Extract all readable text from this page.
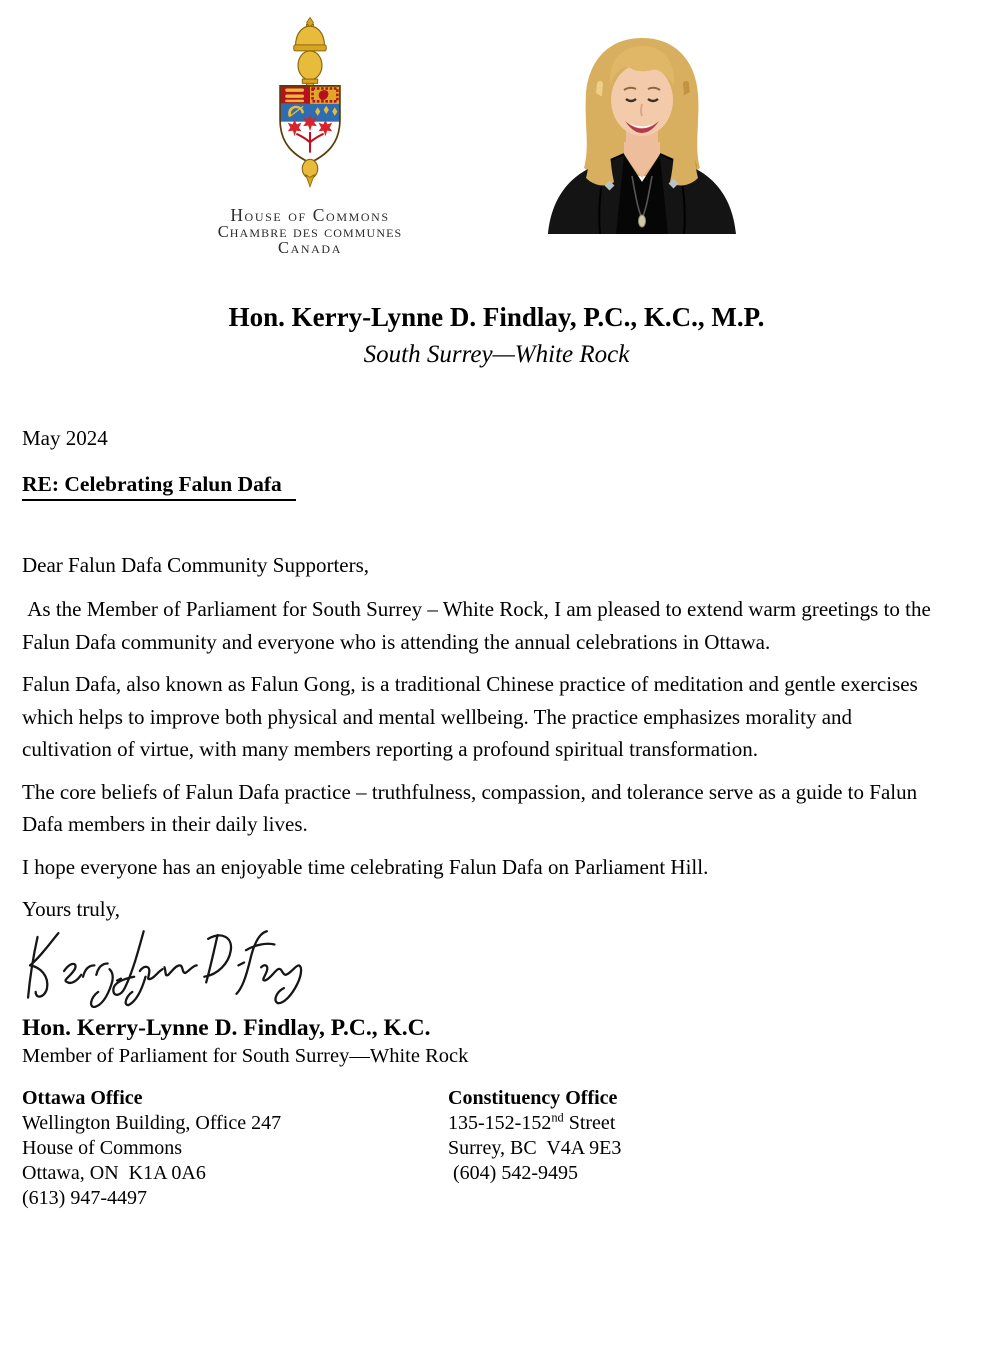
House of Commons
Chambre des communes
Canada
Hon. Kerry-Lynne D. Findlay, P.C., K.C., M.P.
South Surrey—White Rock

May 2024

RE: Celebrating Falun Dafa

Dear Falun Dafa Community Supporters,

As the Member of Parliament for South Surrey – White Rock, I am pleased to extend warm greetings to the Falun Dafa community and everyone who is attending the annual celebrations in Ottawa.

Falun Dafa, also known as Falun Gong, is a traditional Chinese practice of meditation and gentle exercises which helps to improve both physical and mental wellbeing. The practice emphasizes morality and cultivation of virtue, with many members reporting a profound spiritual transformation.

The core beliefs of Falun Dafa practice – truthfulness, compassion, and tolerance serve as a guide to Falun Dafa members in their daily lives.

I hope everyone has an enjoyable time celebrating Falun Dafa on Parliament Hill.

Yours truly,

Hon. Kerry-Lynne D. Findlay, P.C., K.C.
Member of Parliament for South Surrey—White Rock
Ottawa Office
Wellington Building, Office 247
House of Commons
Ottawa, ON  K1A 0A6
(613) 947-4497
Constituency Office
135-152-152nd Street
Surrey, BC  V4A 9E3
(604) 542-9495
